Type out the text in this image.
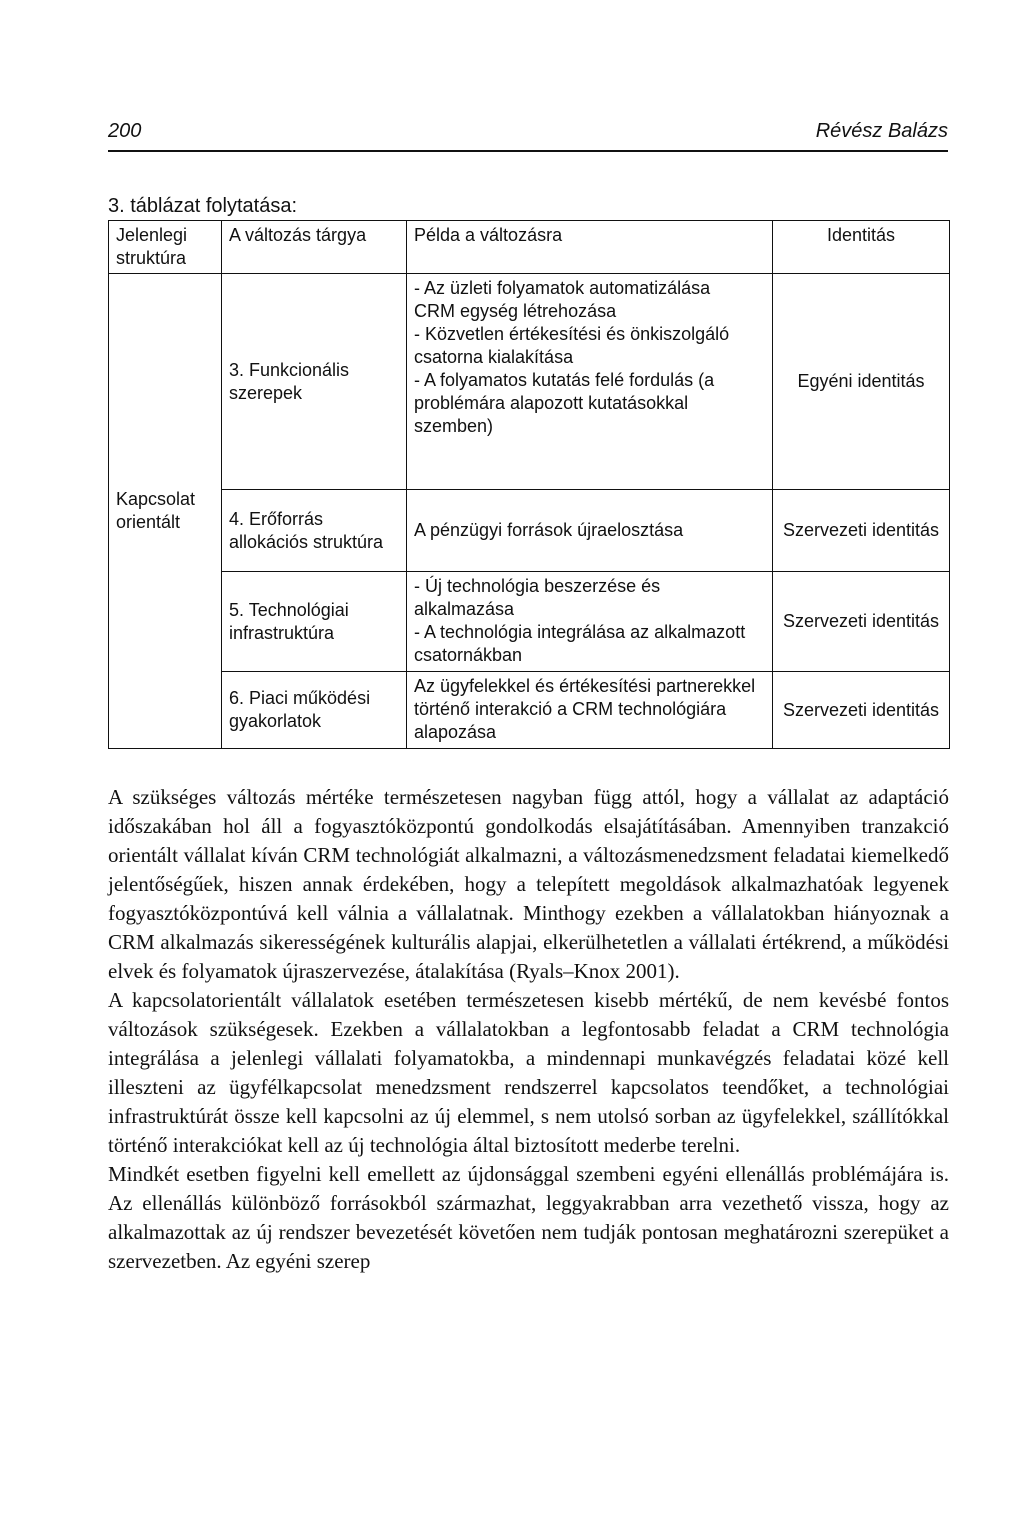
200	Révész Balázs
3. táblázat folytatása:
Jelenlegi struktúra	A változás tárgya	Példa a változásra	Identitás
Kapcsolat orientált	3. Funkcionális szerepek	- Az üzleti folyamatok automatizálása
CRM egység létrehozása
- Közvetlen értékesítési és önkiszolgáló csatorna kialakítása
- A folyamatos kutatás felé fordulás (a problémára alapozott kutatásokkal szemben)	Egyéni identitás
	4. Erőforrás allokációs struktúra	A pénzügyi források újraelosztása	Szervezeti identitás
	5. Technológiai infrastruktúra	- Új technológia beszerzése és alkalmazása
- A technológia integrálása az alkalmazott csatornákban	Szervezeti identitás
	6. Piaci működési gyakorlatok	Az ügyfelekkel és értékesítési partnerekkel történő interakció a CRM technológiára alapozása	Szervezeti identitás

A szükséges változás mértéke természetesen nagyban függ attól, hogy a vállalat az adaptáció időszakában hol áll a fogyasztóközpontú gondolkodás elsajátításában. Amennyiben tranzakció orientált vállalat kíván CRM technológiát alkalmazni, a változásmenedzsment feladatai kiemelkedő jelentőségűek, hiszen annak érdekében, hogy a telepített megoldások alkalmazhatóak legyenek fogyasztóközpontúvá kell válnia a vállalatnak. Minthogy ezekben a vállalatokban hiányoznak a CRM alkalmazás sikerességének kulturális alapjai, elkerülhetetlen a vállalati értékrend, a működési elvek és folyamatok újraszervezése, átalakítása (Ryals–Knox 2001).

A kapcsolatorientált vállalatok esetében természetesen kisebb mértékű, de nem kevésbé fontos változások szükségesek. Ezekben a vállalatokban a legfontosabb feladat a CRM technológia integrálása a jelenlegi vállalati folyamatokba, a mindennapi munkavégzés feladatai közé kell illeszteni az ügyfélkapcsolat menedzsment rendszerrel kapcsolatos teendőket, a technológiai infrastruktúrát össze kell kapcsolni az új elemmel, s nem utolsó sorban az ügyfelekkel, szállítókkal történő interakciókat kell az új technológia által biztosított mederbe terelni.

Mindkét esetben figyelni kell emellett az újdonsággal szembeni egyéni ellenállás problémájára is. Az ellenállás különböző forrásokból származhat, leggyakrabban arra vezethető vissza, hogy az alkalmazottak az új rendszer bevezetését követően nem tudják pontosan meghatározni szerepüket a szervezetben. Az egyéni szerep
